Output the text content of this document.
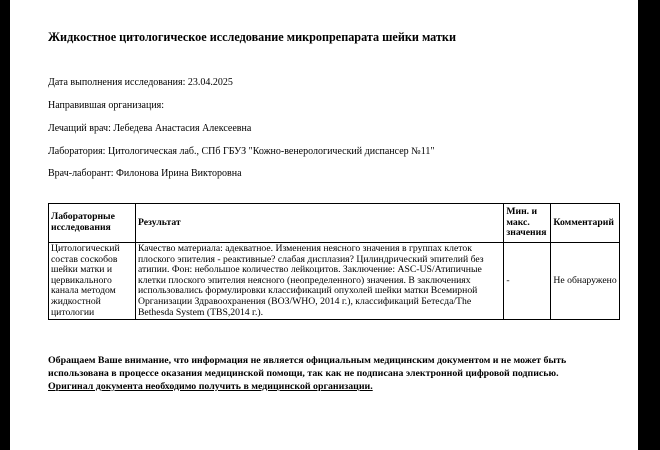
Жидкостное цитологическое исследование микропрепарата шейки матки
Дата выполнения исследования: 23.04.2025
Направившая организация:
Лечащий врач: Лебедева Анастасия Алексеевна
Лаборатория: Цитологическая лаб., СПб ГБУЗ "Кожно-венерологический диспансер №11"
Врач-лаборант: Филонова Ирина Викторовна
Лабораторные исследования	Результат	Мин. и макс. значения	Комментарий
Цитологический состав соскобов шейки матки и цервикального канала методом жидкостной цитологии	Качество материала: адекватное. Изменения неясного значения в группах клеток плоского эпителия - реактивные? слабая дисплазия? Цилиндрический эпителий без атипии. Фон: небольшое количество лейкоцитов. Заключение: ASC-US/Атипичные клетки плоского эпителия неясного (неопределенного) значения. В заключениях использовались формулировки классификаций опухолей шейки матки Всемирной Организации Здравоохранения (ВОЗ/WHO, 2014 г.), классификаций Бетесда/The Bethesda System (TBS,2014 г.).	-	Не обнаружено
Обращаем Ваше внимание, что информация не является официальным медицинским документом и не может быть использована в процессе оказания медицинской помощи, так как не подписана электронной цифровой подписью.
Оригинал документа необходимо получить в медицинской организации.
